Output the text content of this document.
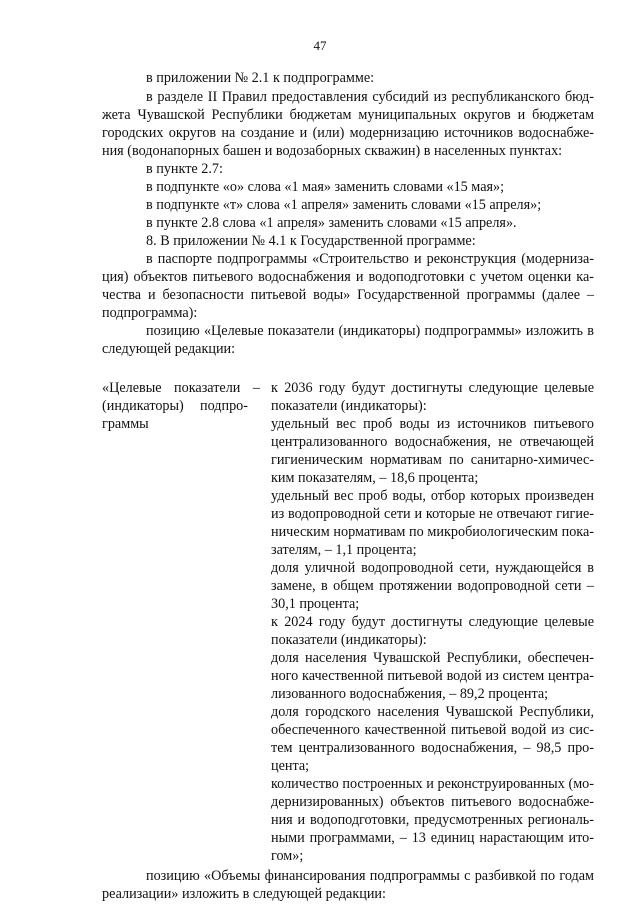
47
в приложении № 2.1 к подпрограмме:
в разделе II Правил предоставления субсидий из республиканского бюд-
жета Чувашской Республики бюджетам муниципальных округов и бюджетам
городских округов на создание и (или) модернизацию источников водоснабже-
ния (водонапорных башен и водозаборных скважин) в населенных пунктах:
в пункте 2.7:
в подпункте «о» слова «1 мая» заменить словами «15 мая»;
в подпункте «т» слова «1 апреля» заменить словами «15 апреля»;
в пункте 2.8 слова «1 апреля» заменить словами «15 апреля».
8. В приложении № 4.1 к Государственной программе:
в паспорте подпрограммы «Строительство и реконструкция (модерниза-
ция) объектов питьевого водоснабжения и водоподготовки с учетом оценки ка-
чества и безопасности питьевой воды» Государственной программы (далее –
подпрограмма):
позицию «Целевые показатели (индикаторы) подпрограммы» изложить в
следующей редакции:
«Целевые показатели –
(индикаторы) подпро-
граммы
к 2036 году будут достигнуты следующие целевые
показатели (индикаторы):
удельный вес проб воды из источников питьевого
централизованного водоснабжения, не отвечающей
гигиеническим нормативам по санитарно-химичес-
ким показателям, – 18,6 процента;
удельный вес проб воды, отбор которых произведен
из водопроводной сети и которые не отвечают гигие-
ническим нормативам по микробиологическим пока-
зателям, – 1,1 процента;
доля уличной водопроводной сети, нуждающейся в
замене, в общем протяжении водопроводной сети –
30,1 процента;
к 2024 году будут достигнуты следующие целевые
показатели (индикаторы):
доля населения Чувашской Республики, обеспечен-
ного качественной питьевой водой из систем центра-
лизованного водоснабжения, – 89,2 процента;
доля городского населения Чувашской Республики,
обеспеченного качественной питьевой водой из сис-
тем централизованного водоснабжения, – 98,5 про-
цента;
количество построенных и реконструированных (мо-
дернизированных) объектов питьевого водоснабже-
ния и водоподготовки, предусмотренных региональ-
ными программами, – 13 единиц нарастающим ито-
гом»;
позицию «Объемы финансирования подпрограммы с разбивкой по годам
реализации» изложить в следующей редакции:
